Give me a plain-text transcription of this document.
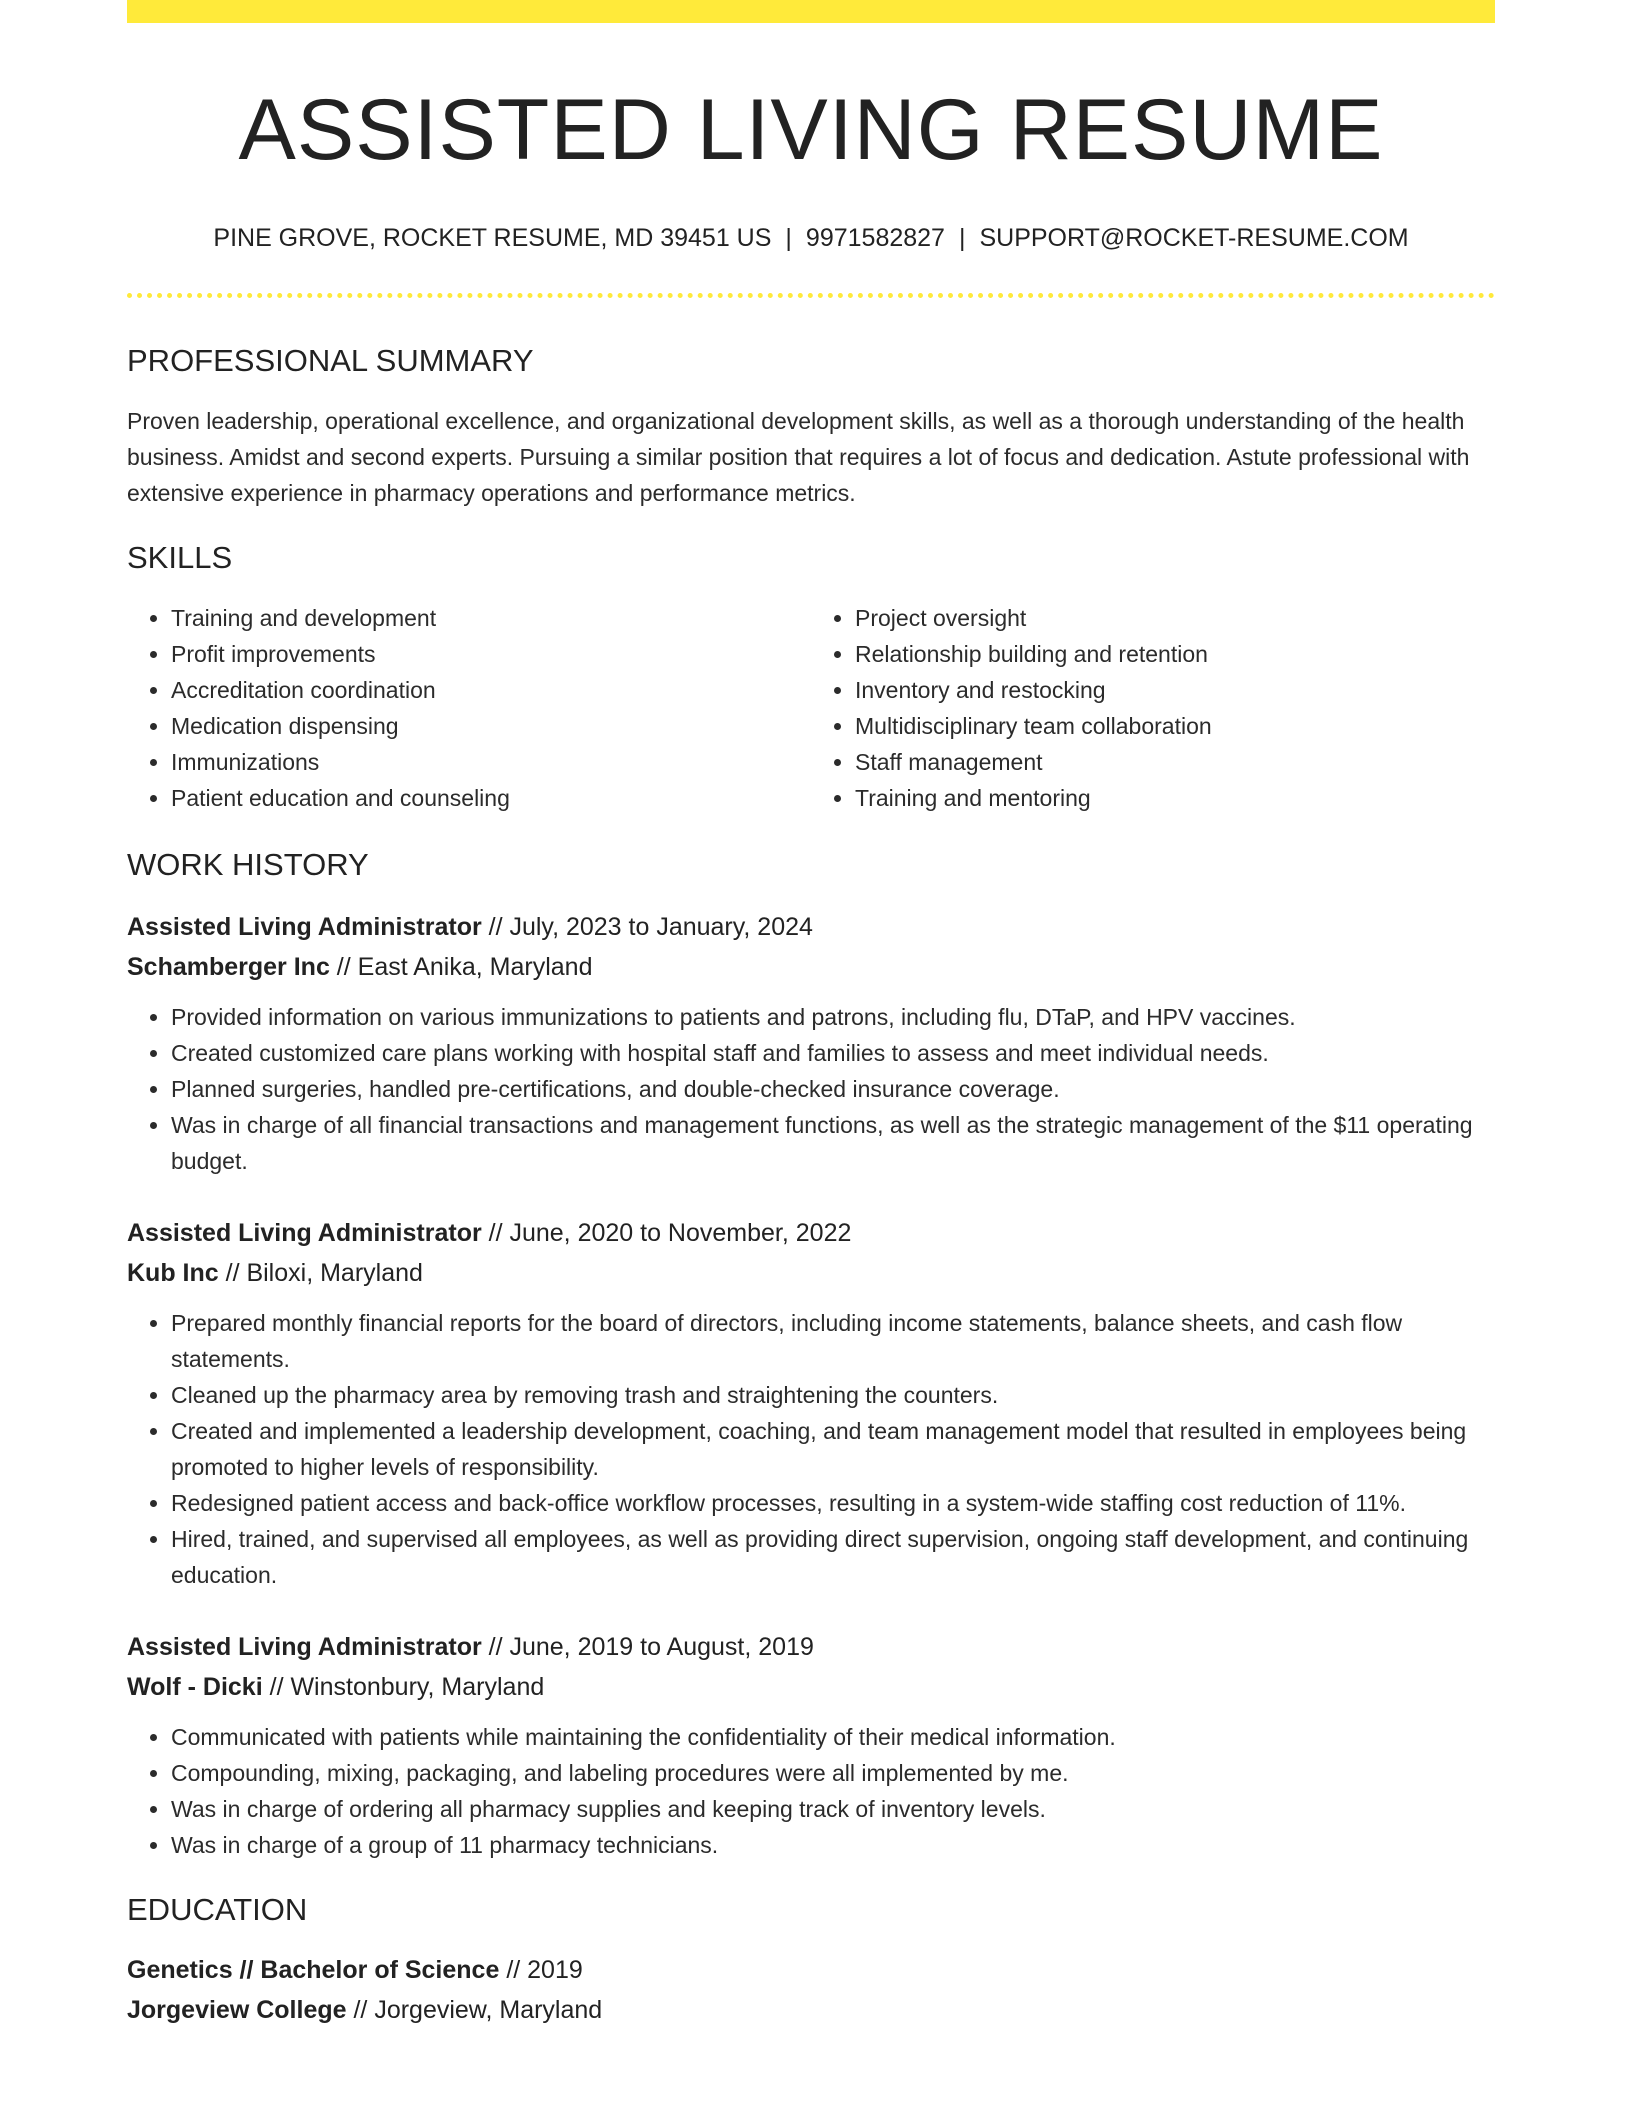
ASSISTED LIVING RESUME
PINE GROVE, ROCKET RESUME, MD 39451 US | 9971582827 | SUPPORT@ROCKET-RESUME.COM
PROFESSIONAL SUMMARY

Proven leadership, operational excellence, and organizational development skills, as well as a thorough understanding of the health business. Amidst and second experts. Pursuing a similar position that requires a lot of focus and dedication. Astute professional with extensive experience in pharmacy operations and performance metrics.

SKILLS
• Training and development
• Profit improvements
• Accreditation coordination
• Medication dispensing
• Immunizations
• Patient education and counseling
• Project oversight
• Relationship building and retention
• Inventory and restocking
• Multidisciplinary team collaboration
• Staff management
• Training and mentoring
WORK HISTORY
Assisted Living Administrator // July, 2023 to January, 2024
Schamberger Inc // East Anika, Maryland
• Provided information on various immunizations to patients and patrons, including flu, DTaP, and HPV vaccines.
• Created customized care plans working with hospital staff and families to assess and meet individual needs.
• Planned surgeries, handled pre-certifications, and double-checked insurance coverage.
• Was in charge of all financial transactions and management functions, as well as the strategic management of the $11 operating budget.
Assisted Living Administrator // June, 2020 to November, 2022
Kub Inc // Biloxi, Maryland
• Prepared monthly financial reports for the board of directors, including income statements, balance sheets, and cash flow statements.
• Cleaned up the pharmacy area by removing trash and straightening the counters.
• Created and implemented a leadership development, coaching, and team management model that resulted in employees being promoted to higher levels of responsibility.
• Redesigned patient access and back-office workflow processes, resulting in a system-wide staffing cost reduction of 11%.
• Hired, trained, and supervised all employees, as well as providing direct supervision, ongoing staff development, and continuing education.
Assisted Living Administrator // June, 2019 to August, 2019
Wolf - Dicki // Winstonbury, Maryland
• Communicated with patients while maintaining the confidentiality of their medical information.
• Compounding, mixing, packaging, and labeling procedures were all implemented by me.
• Was in charge of ordering all pharmacy supplies and keeping track of inventory levels.
• Was in charge of a group of 11 pharmacy technicians.
EDUCATION
Genetics // Bachelor of Science // 2019
Jorgeview College // Jorgeview, Maryland
